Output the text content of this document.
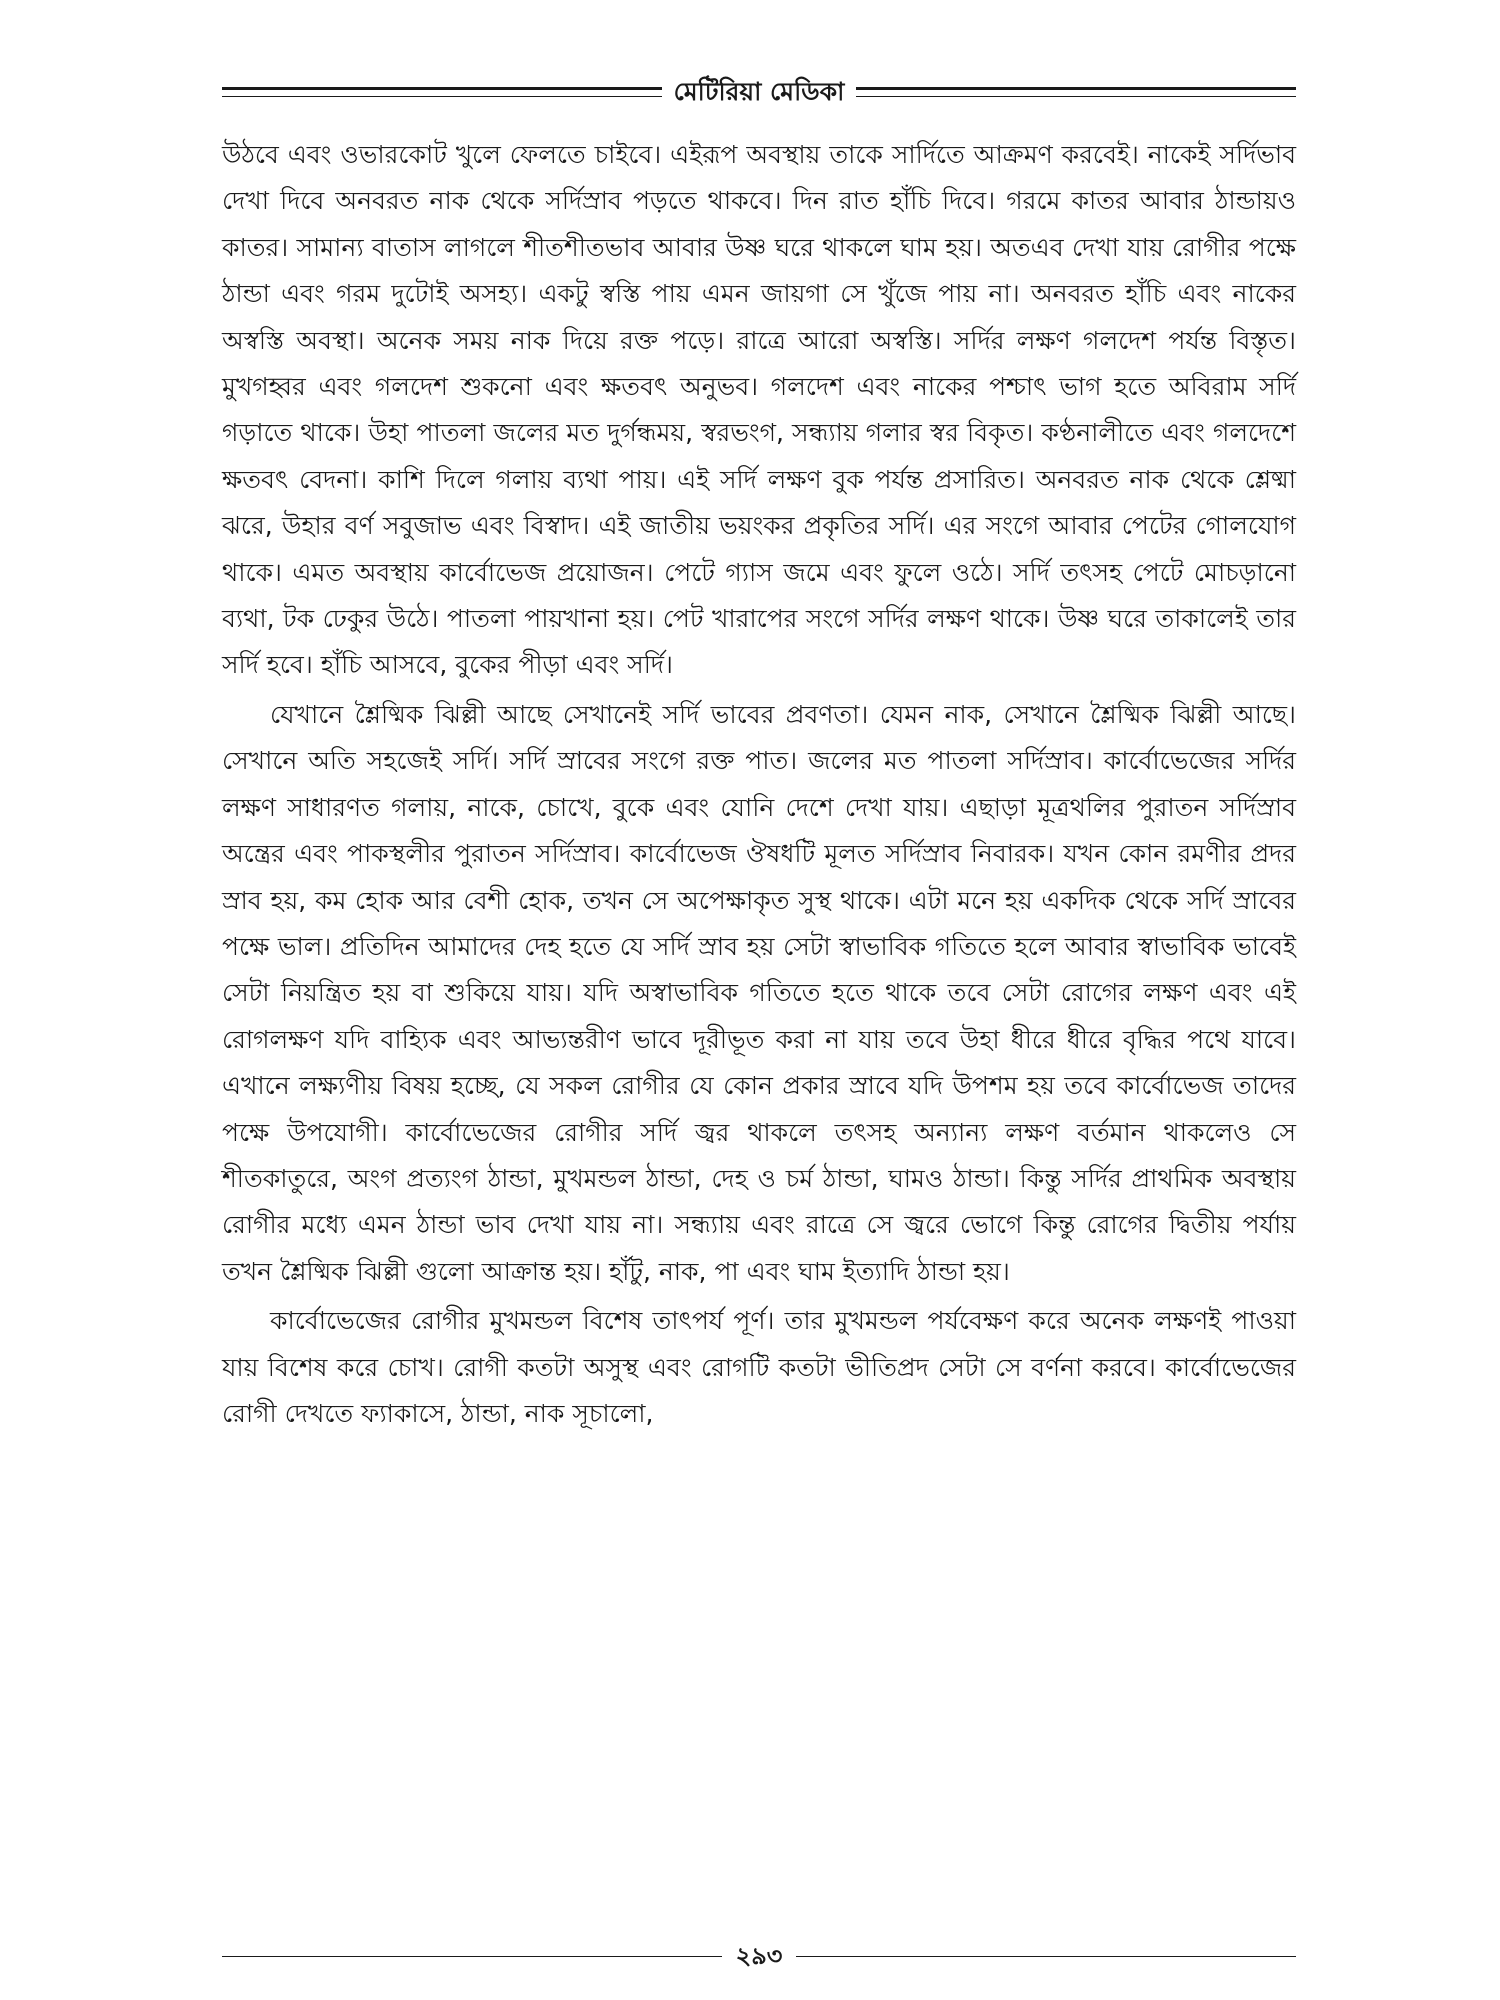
মেটিরিয়া মেডিকা

উঠবে এবং ওভারকোট খুলে ফেলতে চাইবে। এইরূপ অবস্থায় তাকে সার্দিতে আক্রমণ করবেই। নাকেই সর্দিভাব দেখা দিবে অনবরত নাক থেকে সর্দিস্রাব পড়তে থাকবে। দিন রাত হাঁচি দিবে। গরমে কাতর আবার ঠান্ডায়ও কাতর। সামান্য বাতাস লাগলে শীতশীতভাব আবার উষ্ণ ঘরে থাকলে ঘাম হয়। অতএব দেখা যায় রোগীর পক্ষে ঠান্ডা এবং গরম দুটোই অসহ্য। একটু স্বস্তি পায় এমন জায়গা সে খুঁজে পায় না। অনবরত হাঁচি এবং নাকের অস্বস্তি অবস্থা। অনেক সময় নাক দিয়ে রক্ত পড়ে। রাত্রে আরো অস্বস্তি। সর্দির লক্ষণ গলদেশ পর্যন্ত বিস্তৃত। মুখগহ্বর এবং গলদেশ শুকনো এবং ক্ষতবৎ অনুভব। গলদেশ এবং নাকের পশ্চাৎ ভাগ হতে অবিরাম সর্দি গড়াতে থাকে। উহা পাতলা জলের মত দুর্গন্ধময়, স্বরভংগ, সন্ধ্যায় গলার স্বর বিকৃত। কণ্ঠনালীতে এবং গলদেশে ক্ষতবৎ বেদনা। কাশি দিলে গলায় ব্যথা পায়। এই সর্দি লক্ষণ বুক পর্যন্ত প্রসারিত। অনবরত নাক থেকে শ্লেষ্মা ঝরে, উহার বর্ণ সবুজাভ এবং বিস্বাদ। এই জাতীয় ভয়ংকর প্রকৃতির সর্দি। এর সংগে আবার পেটের গোলযোগ থাকে। এমত অবস্থায় কার্বোভেজ প্রয়োজন। পেটে গ্যাস জমে এবং ফুলে ওঠে। সর্দি তৎসহ পেটে মোচড়ানো ব্যথা, টক ঢেকুর উঠে। পাতলা পায়খানা হয়। পেট খারাপের সংগে সর্দির লক্ষণ থাকে। উষ্ণ ঘরে তাকালেই তার সর্দি হবে। হাঁচি আসবে, বুকের পীড়া এবং সর্দি।

যেখানে শ্লৈষ্মিক ঝিল্লী আছে সেখানেই সর্দি ভাবের প্রবণতা। যেমন নাক, সেখানে শ্লৈষ্মিক ঝিল্লী আছে। সেখানে অতি সহজেই সর্দি। সর্দি স্রাবের সংগে রক্ত পাত। জলের মত পাতলা সর্দিস্রাব। কার্বোভেজের সর্দির লক্ষণ সাধারণত গলায়, নাকে, চোখে, বুকে এবং যোনি দেশে দেখা যায়। এছাড়া মূত্রথলির পুরাতন সর্দিস্রাব অন্ত্রের এবং পাকস্থলীর পুরাতন সর্দিস্রাব। কার্বোভেজ ঔষধটি মূলত সর্দিস্রাব নিবারক। যখন কোন রমণীর প্রদর স্রাব হয়, কম হোক আর বেশী হোক, তখন সে অপেক্ষাকৃত সুস্থ থাকে। এটা মনে হয় একদিক থেকে সর্দি স্রাবের পক্ষে ভাল। প্রতিদিন আমাদের দেহ হতে যে সর্দি স্রাব হয় সেটা স্বাভাবিক গতিতে হলে আবার স্বাভাবিক ভাবেই সেটা নিয়ন্ত্রিত হয় বা শুকিয়ে যায়। যদি অস্বাভাবিক গতিতে হতে থাকে তবে সেটা রোগের লক্ষণ এবং এই রোগলক্ষণ যদি বাহ্যিক এবং আভ্যন্তরীণ ভাবে দূরীভূত করা না যায় তবে উহা ধীরে ধীরে বৃদ্ধির পথে যাবে। এখানে লক্ষ্যণীয় বিষয় হচ্ছে, যে সকল রোগীর যে কোন প্রকার স্রাবে যদি উপশম হয় তবে কার্বোভেজ তাদের পক্ষে উপযোগী। কার্বোভেজের রোগীর সর্দি জ্বর থাকলে তৎসহ অন্যান্য লক্ষণ বর্তমান থাকলেও সে শীতকাতুরে, অংগ প্রত্যংগ ঠান্ডা, মুখমন্ডল ঠান্ডা, দেহ ও চর্ম ঠান্ডা, ঘামও ঠান্ডা। কিন্তু সর্দির প্রাথমিক অবস্থায় রোগীর মধ্যে এমন ঠান্ডা ভাব দেখা যায় না। সন্ধ্যায় এবং রাত্রে সে জ্বরে ভোগে কিন্তু রোগের দ্বিতীয় পর্যায় তখন শ্লৈষ্মিক ঝিল্লী গুলো আক্রান্ত হয়। হাঁটু, নাক, পা এবং ঘাম ইত্যাদি ঠান্ডা হয়।

কার্বোভেজের রোগীর মুখমন্ডল বিশেষ তাৎপর্য পূর্ণ। তার মুখমন্ডল পর্যবেক্ষণ করে অনেক লক্ষণই পাওয়া যায় বিশেষ করে চোখ। রোগী কতটা অসুস্থ এবং রোগটি কতটা ভীতিপ্রদ সেটা সে বর্ণনা করবে। কার্বোভেজের রোগী দেখতে ফ্যাকাসে, ঠান্ডা, নাক সূচালো,

২৯৩
